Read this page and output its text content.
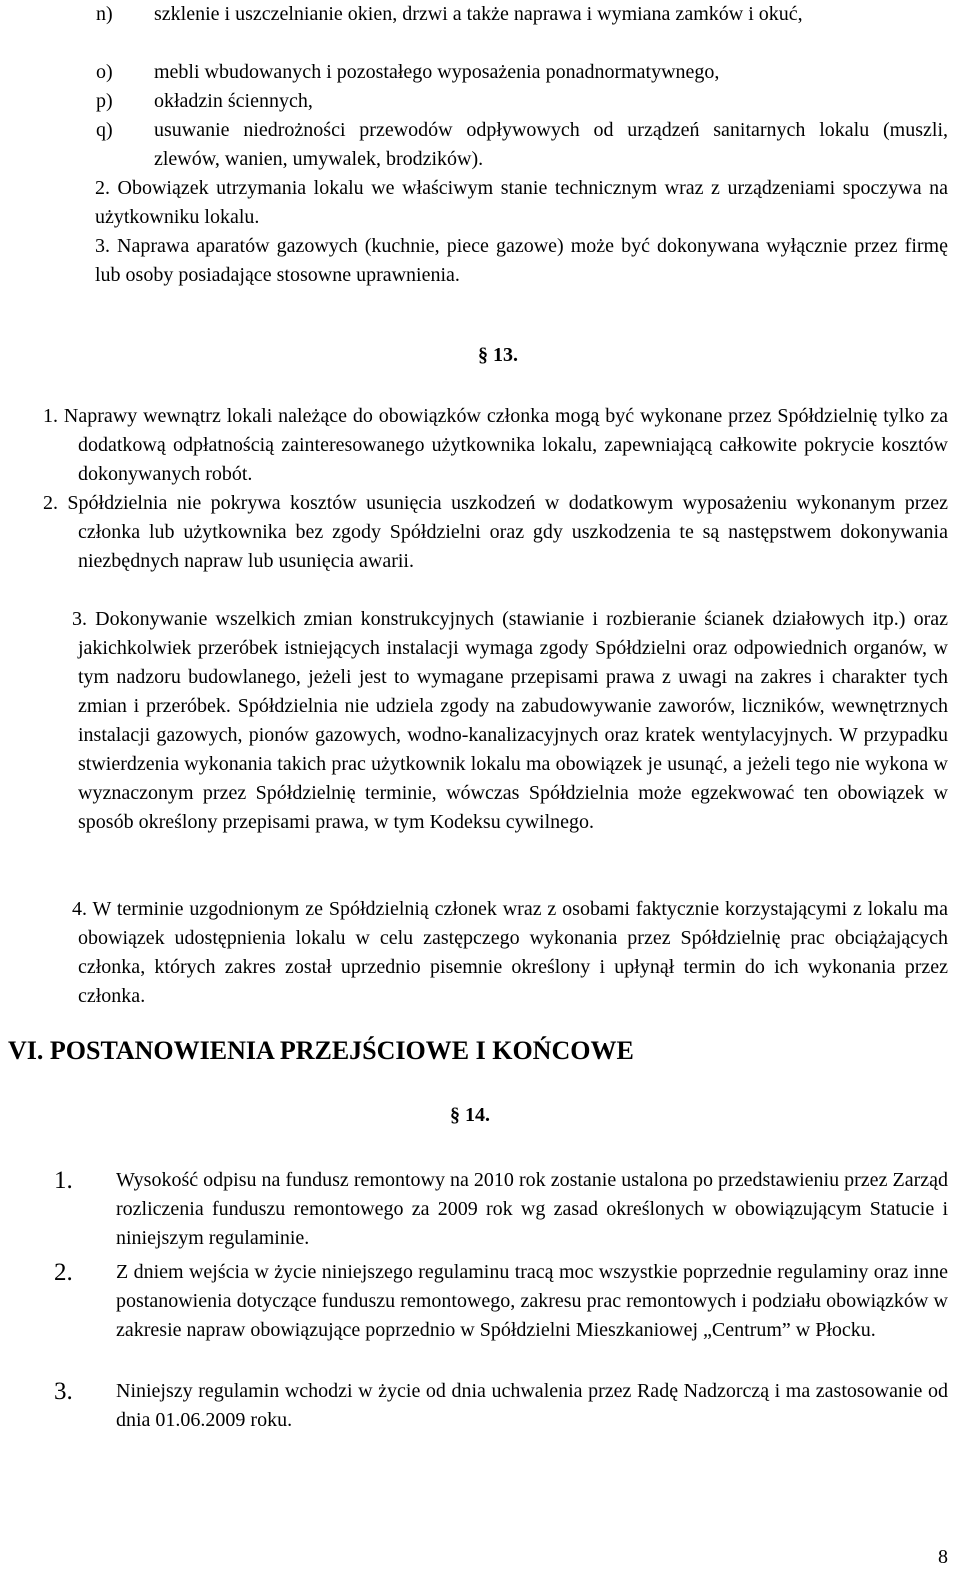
n)	szklenie i uszczelnianie okien, drzwi a także naprawa i wymiana zamków i okuć,
o)	mebli wbudowanych i pozostałego wyposażenia ponadnormatywnego,
p)	okładzin ściennych,
q)	usuwanie niedrożności przewodów odpływowych od urządzeń sanitarnych lokalu (muszli, zlewów, wanien, umywalek, brodzików).
2. Obowiązek utrzymania lokalu we właściwym stanie technicznym wraz z urządzeniami spoczywa na użytkowniku lokalu.
3. Naprawa aparatów gazowych (kuchnie, piece gazowe) może być dokonywana wyłącznie przez firmę lub osoby posiadające stosowne uprawnienia.
§ 13.
1. Naprawy wewnątrz lokali należące do obowiązków członka mogą być wykonane przez Spółdzielnię tylko za dodatkową odpłatnością zainteresowanego użytkownika lokalu, zapewniającą całkowite pokrycie kosztów dokonywanych robót.
2. Spółdzielnia nie pokrywa kosztów usunięcia uszkodzeń w dodatkowym wyposażeniu wykonanym przez członka lub użytkownika bez zgody Spółdzielni oraz gdy uszkodzenia te są następstwem dokonywania niezbędnych napraw lub usunięcia awarii.
3. Dokonywanie wszelkich zmian konstrukcyjnych (stawianie i rozbieranie ścianek działowych itp.) oraz jakichkolwiek przeróbek istniejących instalacji wymaga zgody Spółdzielni oraz odpowiednich organów, w tym nadzoru budowlanego, jeżeli jest to wymagane przepisami prawa z uwagi na zakres i charakter tych zmian i przeróbek. Spółdzielnia nie udziela zgody na zabudowywanie zaworów, liczników, wewnętrznych instalacji gazowych, pionów gazowych, wodno-kanalizacyjnych oraz kratek wentylacyjnych. W przypadku stwierdzenia wykonania takich prac użytkownik lokalu ma obowiązek je usunąć, a jeżeli tego nie wykona w wyznaczonym przez Spółdzielnię terminie, wówczas Spółdzielnia może egzekwować ten obowiązek w sposób określony przepisami prawa, w tym Kodeksu cywilnego.
4. W terminie uzgodnionym ze Spółdzielnią członek wraz z osobami faktycznie korzystającymi z lokalu ma obowiązek udostępnienia lokalu w celu zastępczego wykonania przez Spółdzielnię prac obciążających członka, których zakres został uprzednio pisemnie określony i upłynął termin do ich wykonania przez członka.
VI. POSTANOWIENIA PRZEJŚCIOWE I KOŃCOWE
§ 14.
1.	Wysokość odpisu na fundusz remontowy na 2010 rok zostanie ustalona po przedstawieniu przez Zarząd rozliczenia funduszu remontowego za 2009 rok wg zasad określonych w obowiązującym Statucie i niniejszym regulaminie.
2.	Z dniem wejścia w życie niniejszego regulaminu tracą moc wszystkie poprzednie regulaminy oraz inne postanowienia dotyczące funduszu remontowego, zakresu prac remontowych i podziału obowiązków w zakresie napraw obowiązujące poprzednio w Spółdzielni Mieszkaniowej „Centrum” w Płocku.
3.	Niniejszy regulamin wchodzi w życie od dnia uchwalenia przez Radę Nadzorczą i ma zastosowanie od dnia 01.06.2009 roku.
8
